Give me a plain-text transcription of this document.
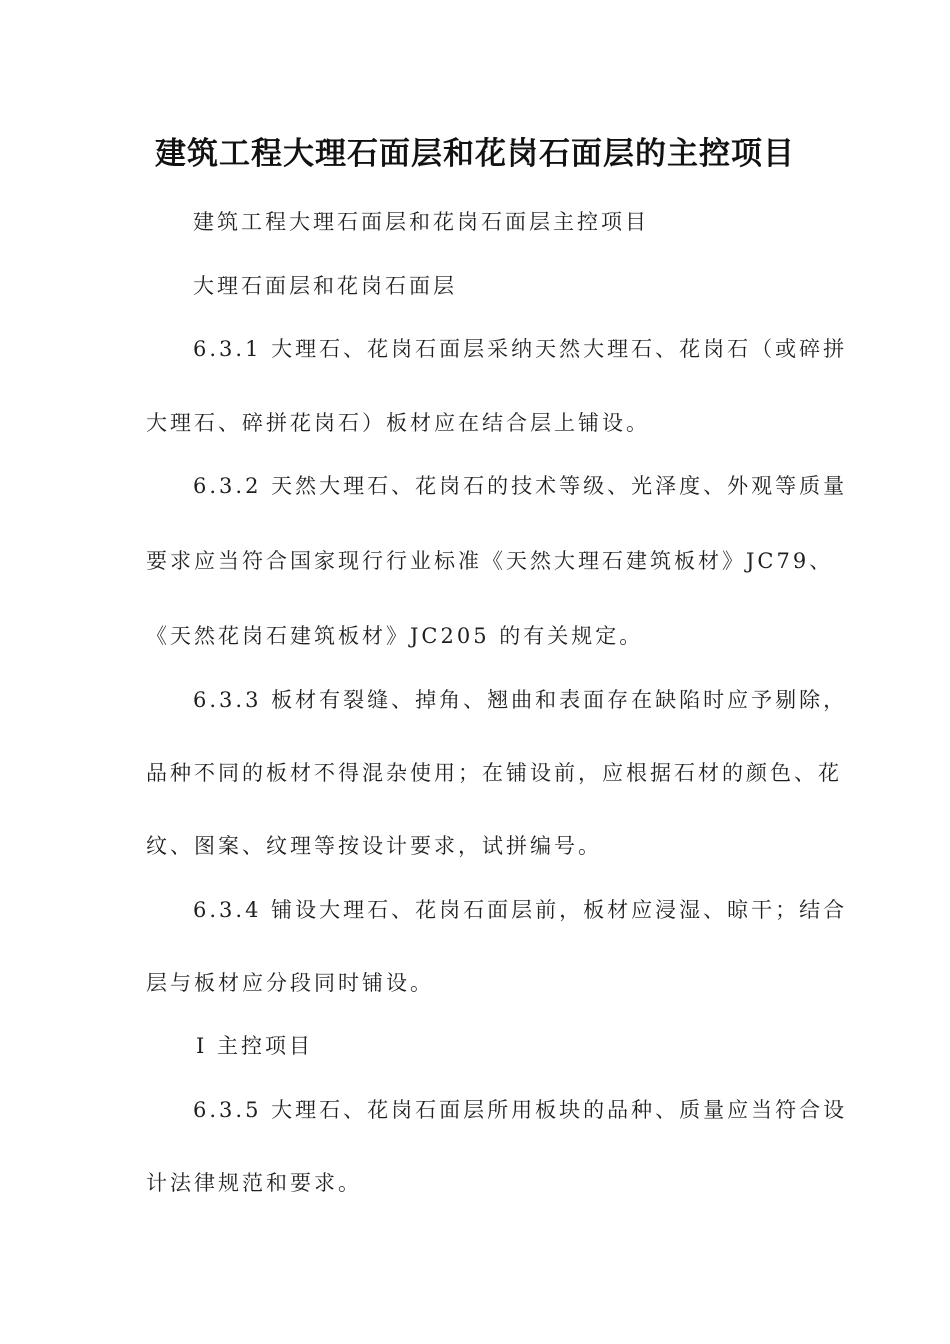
建筑工程大理石面层和花岗石面层的主控项目
建筑工程大理石面层和花岗石面层主控项目
大理石面层和花岗石面层
6.3.1 大理石、花岗石面层采纳天然大理石、花岗石（或碎拼
大理石、碎拼花岗石）板材应在结合层上铺设。
6.3.2 天然大理石、花岗石的技术等级、光泽度、外观等质量
要求应当符合国家现行行业标准《天然大理石建筑板材》JC79、
《天然花岗石建筑板材》JC205 的有关规定。
6.3.3 板材有裂缝、掉角、翘曲和表面存在缺陷时应予剔除，
品种不同的板材不得混杂使用；在铺设前，应根据石材的颜色、花
纹、图案、纹理等按设计要求，试拼编号。
6.3.4 铺设大理石、花岗石面层前，板材应浸湿、晾干；结合
层与板材应分段同时铺设。
Ⅰ 主控项目
6.3.5 大理石、花岗石面层所用板块的品种、质量应当符合设
计法律规范和要求。
